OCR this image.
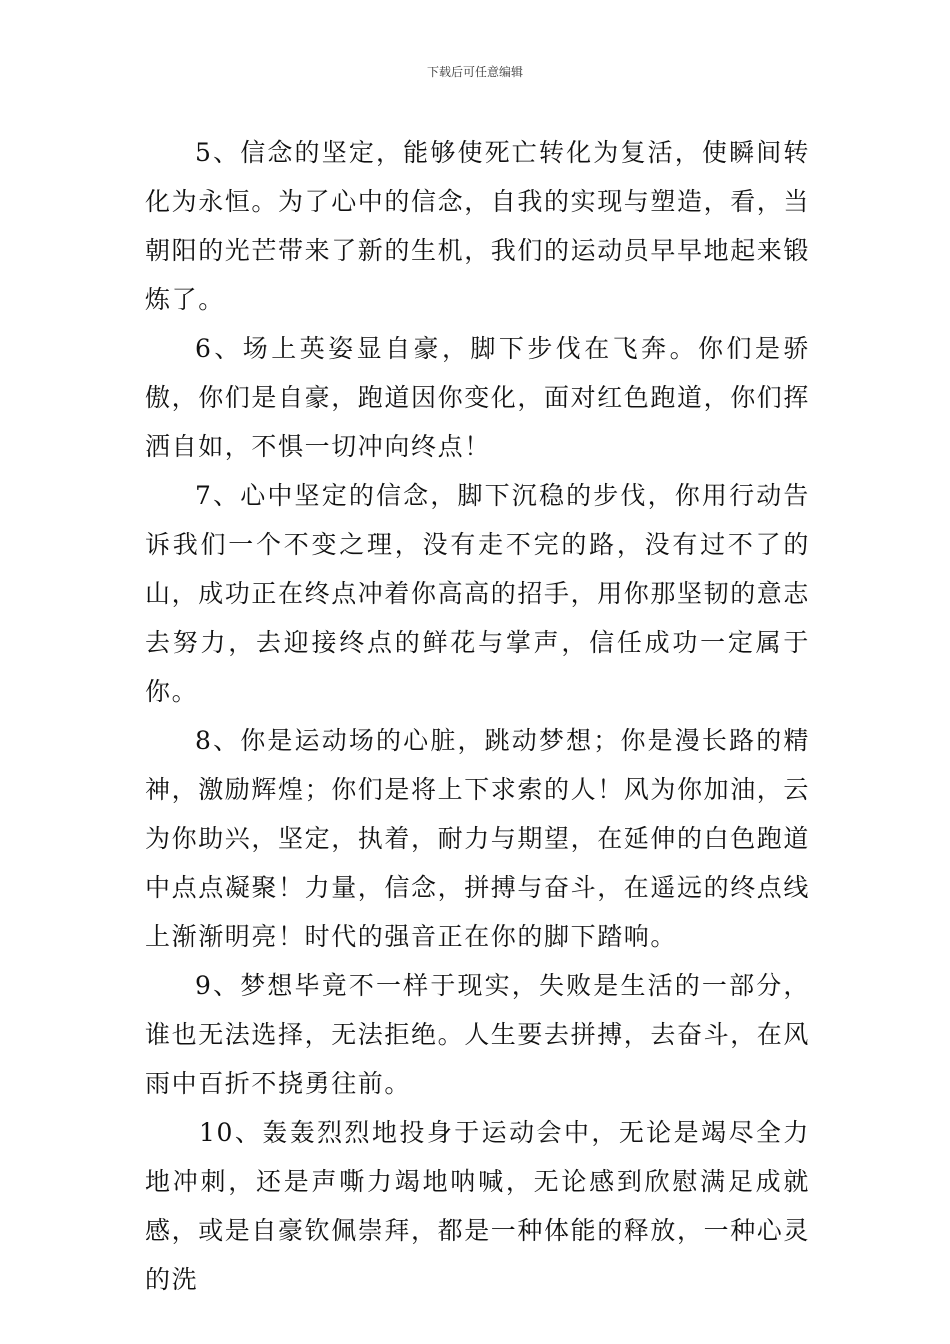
下载后可任意编辑

5、信念的坚定，能够使死亡转化为复活，使瞬间转化为永恒。为了心中的信念，自我的实现与塑造，看，当朝阳的光芒带来了新的生机，我们的运动员早早地起来锻炼了。

6、场上英姿显自豪，脚下步伐在飞奔。你们是骄傲，你们是自豪，跑道因你变化，面对红色跑道，你们挥洒自如，不惧一切冲向终点！

7、心中坚定的信念，脚下沉稳的步伐，你用行动告诉我们一个不变之理，没有走不完的路，没有过不了的山，成功正在终点冲着你高高的招手，用你那坚韧的意志去努力，去迎接终点的鲜花与掌声，信任成功一定属于你。

8、你是运动场的心脏，跳动梦想；你是漫长路的精神，激励辉煌；你们是将上下求索的人！风为你加油，云为你助兴，坚定，执着，耐力与期望，在延伸的白色跑道中点点凝聚！力量，信念，拼搏与奋斗，在遥远的终点线上渐渐明亮！时代的强音正在你的脚下踏响。

9、梦想毕竟不一样于现实，失败是生活的一部分，谁也无法选择，无法拒绝。人生要去拼搏，去奋斗，在风雨中百折不挠勇往前。

10、轰轰烈烈地投身于运动会中，无论是竭尽全力地冲刺，还是声嘶力竭地呐喊，无论感到欣慰满足成就感，或是自豪钦佩崇拜，都是一种体能的释放，一种心灵的洗
